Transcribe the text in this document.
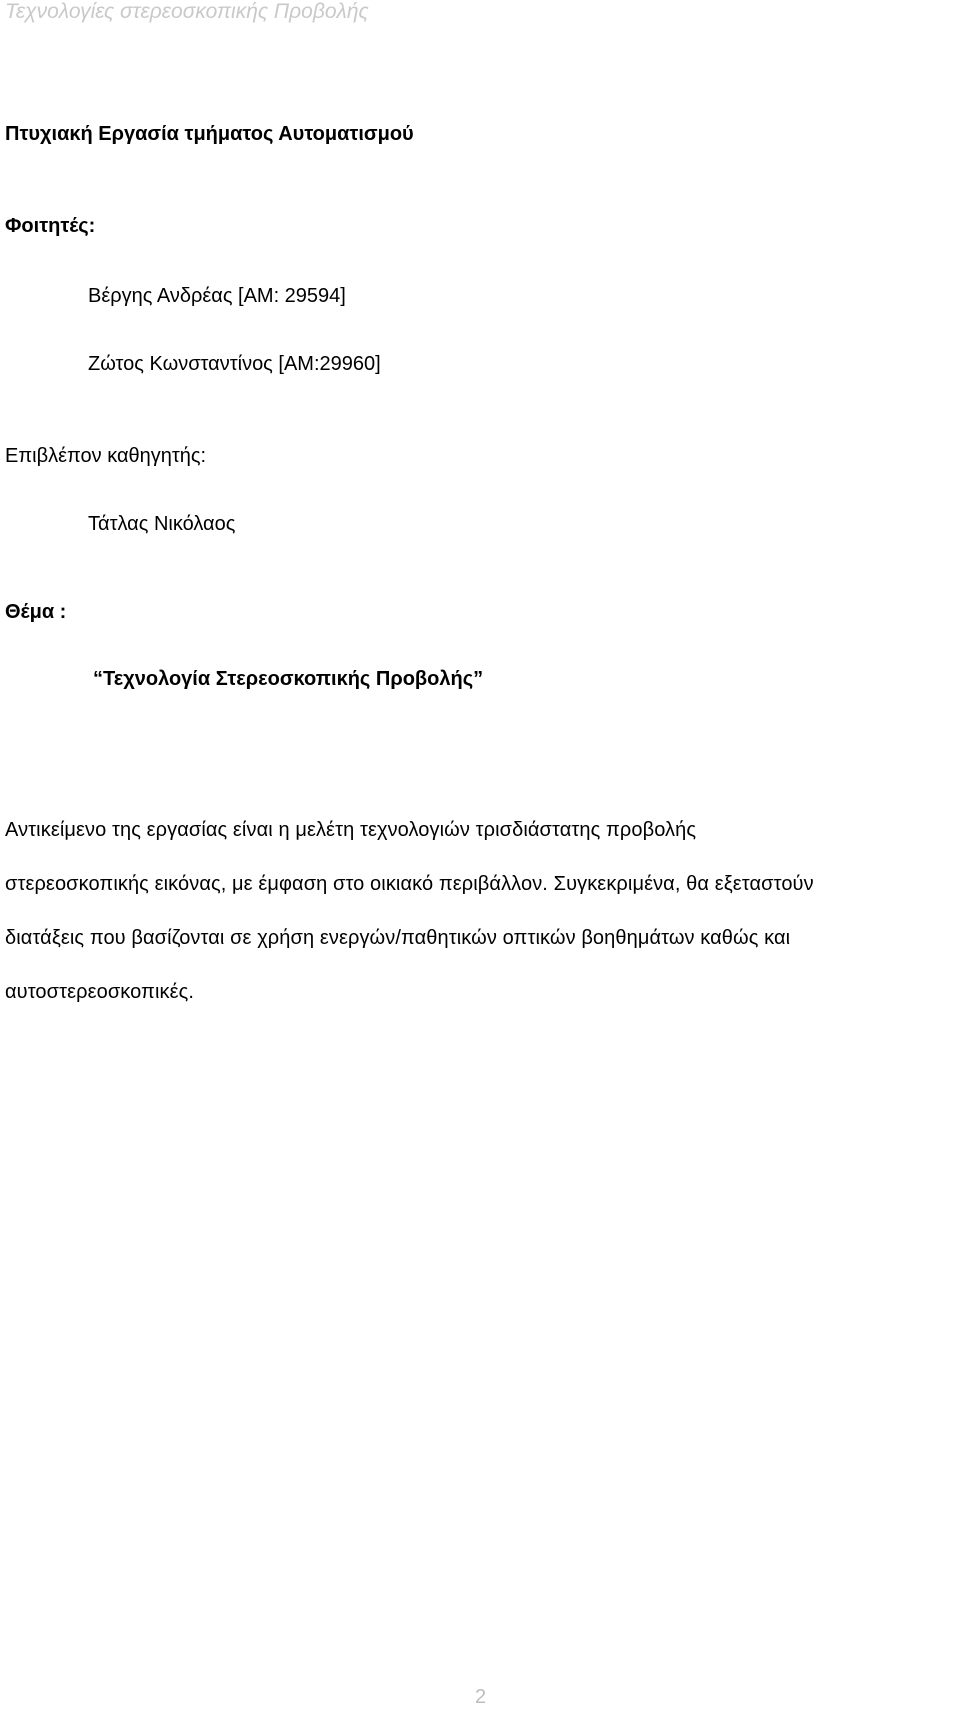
Τεχνολογίες στερεοσκοπικής Προβολής
Πτυχιακή Εργασία τμήματος Αυτοματισμού
Φοιτητές:
Βέργης Ανδρέας [ΑΜ: 29594]
Ζώτος Κωνσταντίνος [ΑΜ:29960]
Επιβλέπον καθηγητής:
Τάτλας Νικόλαος
Θέμα :
“Τεχνολογία Στερεοσκοπικής Προβολής”
Αντικείμενο της εργασίας είναι η μελέτη τεχνολογιών τρισδιάστατης προβολής
στερεοσκοπικής εικόνας, με έμφαση στο οικιακό περιβάλλον. Συγκεκριμένα, θα εξεταστούν
διατάξεις που βασίζονται σε χρήση ενεργών/παθητικών οπτικών βοηθημάτων καθώς και
αυτοστερεοσκοπικές.
2
